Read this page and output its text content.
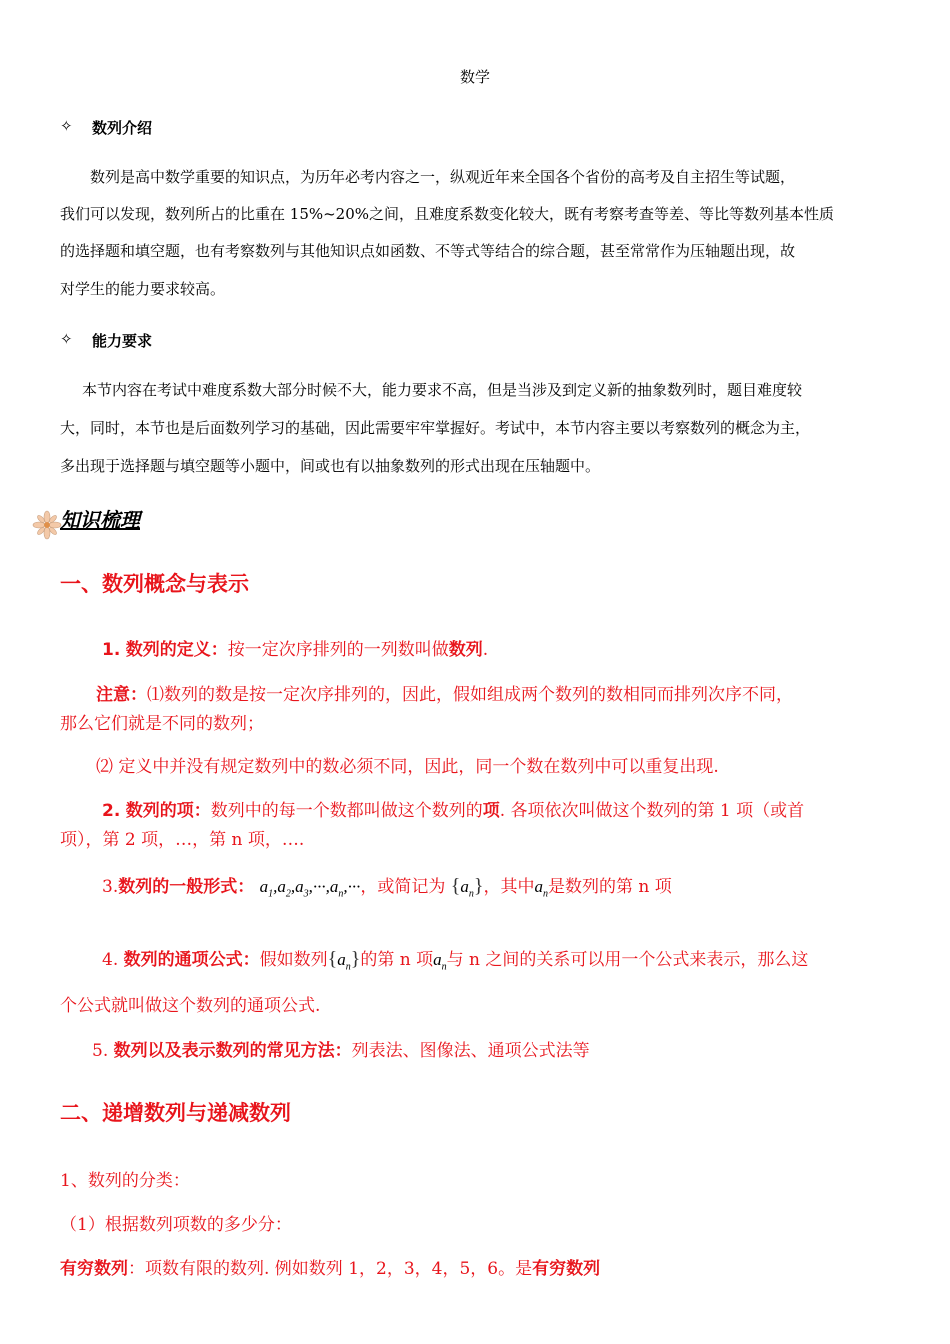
数学
✧ 数列介绍
数列是高中数学重要的知识点，为历年必考内容之一，纵观近年来全国各个省份的高考及自主招生等试题，
我们可以发现，数列所占的比重在 15%~20%之间，且难度系数变化较大，既有考察考查等差、等比等数列基本性质
的选择题和填空题，也有考察数列与其他知识点如函数、不等式等结合的综合题，甚至常常作为压轴题出现，故
对学生的能力要求较高。
✧ 能力要求
本节内容在考试中难度系数大部分时候不大，能力要求不高，但是当涉及到定义新的抽象数列时，题目难度较
大，同时，本节也是后面数列学习的基础，因此需要牢牢掌握好。考试中，本节内容主要以考察数列的概念为主，
多出现于选择题与填空题等小题中，间或也有以抽象数列的形式出现在压轴题中。
知识梳理
一、数列概念与表示
1. 数列的定义：按一定次序排列的一列数叫做数列.
注意：⑴数列的数是按一定次序排列的，因此，假如组成两个数列的数相同而排列次序不同，
那么它们就是不同的数列；
⑵ 定义中并没有规定数列中的数必须不同，因此，同一个数在数列中可以重复出现.
2. 数列的项：数列中的每一个数都叫做这个数列的项. 各项依次叫做这个数列的第 1 项（或首
项），第 2 项，…，第 n 项，….
3.数列的一般形式： $a_1,a_2,a_3,\cdot\cdot\cdot,a_n,\cdot\cdot\cdot$，或简记为 $\{a_n\}$，其中$a_n$是数列的第 n 项
4. 数列的通项公式：假如数列$\{a_n\}$的第 n 项$a_n$与 n 之间的关系可以用一个公式来表示，那么这
个公式就叫做这个数列的通项公式.
5. 数列以及表示数列的常见方法：列表法、图像法、通项公式法等
二、递增数列与递减数列
1、数列的分类：
（1）根据数列项数的多少分：
有穷数列：项数有限的数列. 例如数列 1，2，3，4，5，6。是有穷数列
